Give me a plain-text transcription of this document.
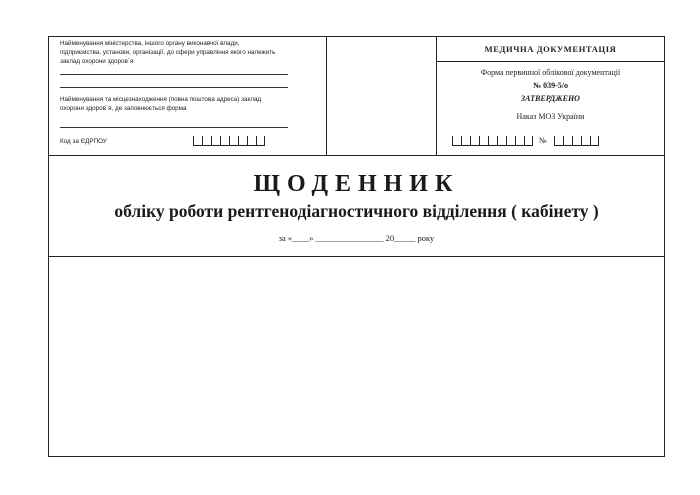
Найменування міністерства, іншого органу виконавчої влади,
підприємства, установи, організації, до сфери управління якого належить
заклад охорони здоров`я
Найменування та місцезнаходження (повна поштова адреса) заклад
охорони здоров`я, де заповнюється форма
Код за ЄДРПОУ
МЕДИЧНА ДОКУМЕНТАЦІЯ
Форма первинної облікової документації
№ 039-5/о
ЗАТВЕРДЖЕНО
Наказ МОЗ України
№
ЩОДЕННИК
обліку роботи рентгенодіагностичного відділення ( кабінету )
за «____» ________________ 20_____ року
